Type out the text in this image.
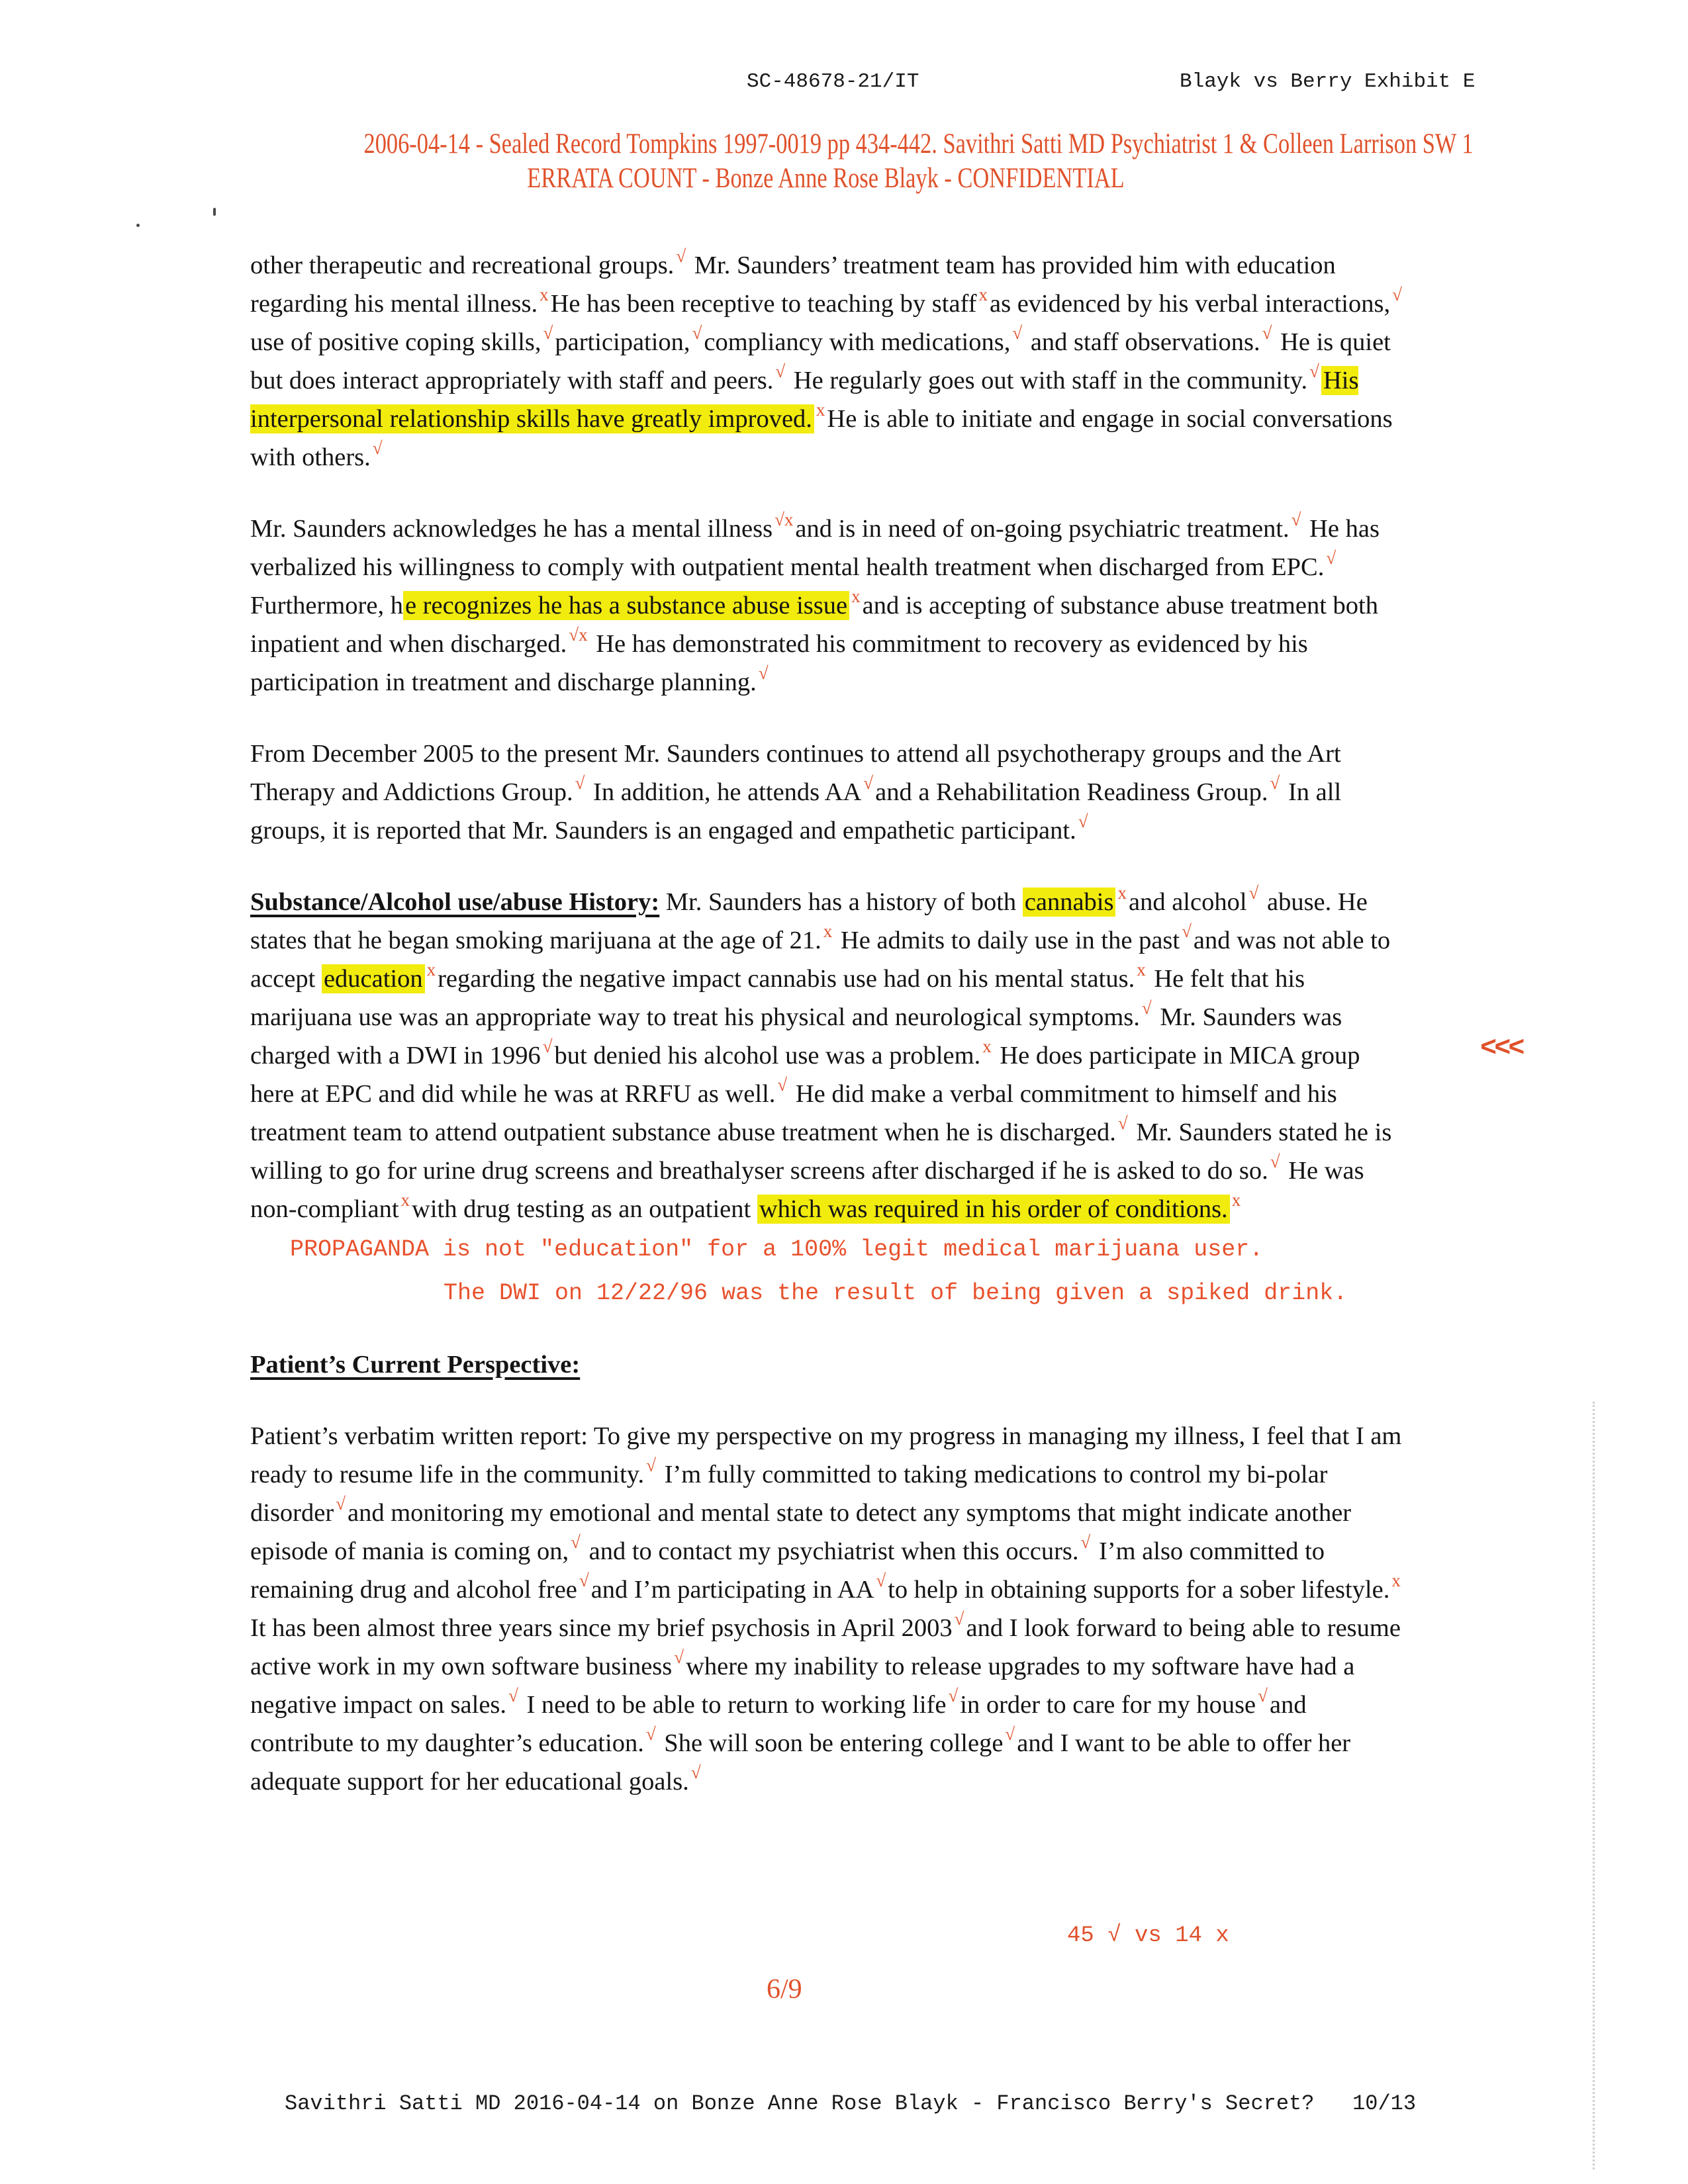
SC-48678-21/IT	Blayk vs Berry Exhibit E
2006-04-14 - Sealed Record Tompkins 1997-0019 pp 434-442. Savithri Satti MD Psychiatrist 1 & Colleen Larrison SW 1
ERRATA COUNT - Bonze Anne Rose Blayk - CONFIDENTIAL

other therapeutic and recreational groups. √ Mr. Saunders’ treatment team has provided him with education regarding his mental illness. xHe has been receptive to teaching by staff xas evidenced by his verbal interactions, √use of positive coping skills, √participation, √compliancy with medications, √ and staff observations. √ He is quiet but does interact appropriately with staff and peers. √ He regularly goes out with staff in the community. √ His interpersonal relationship skills have greatly improved. xHe is able to initiate and engage in social conversations with others. √

Mr. Saunders acknowledges he has a mental illness √xand is in need of on-going psychiatric treatment. √ He has verbalized his willingness to comply with outpatient mental health treatment when discharged from EPC. √Furthermore, he recognizes he has a substance abuse issue xand is accepting of substance abuse treatment both inpatient and when discharged. √x He has demonstrated his commitment to recovery as evidenced by his participation in treatment and discharge planning. √

From December 2005 to the present Mr. Saunders continues to attend all psychotherapy groups and the Art Therapy and Addictions Group. √ In addition, he attends AA √and a Rehabilitation Readiness Group. √ In all groups, it is reported that Mr. Saunders is an engaged and empathetic participant. √

Substance/Alcohol use/abuse History: Mr. Saunders has a history of both cannabis xand alcohol √ abuse. He states that he began smoking marijuana at the age of 21. x He admits to daily use in the past √and was not able to accept education xregarding the negative impact cannabis use had on his mental status. x He felt that his marijuana use was an appropriate way to treat his physical and neurological symptoms. √ Mr. Saunders was charged with a DWI in 1996 √but denied his alcohol use was a problem. x He does participate in MICA group here at EPC and did while he was at RRFU as well. √ He did make a verbal commitment to himself and his treatment team to attend outpatient substance abuse treatment when he is discharged. √ Mr. Saunders stated he is willing to go for urine drug screens and breathalyser screens after discharged if he is asked to do so. √ He was non-compliant xwith drug testing as an outpatient which was required in his order of conditions. xPROPAGANDA is not "education" for a 100% legit medical marijuana user.
The DWI on 12/22/96 was the result of being given a spiked drink.

Patient’s Current Perspective:

Patient’s verbatim written report: To give my perspective on my progress in managing my illness, I feel that I am ready to resume life in the community. √ I’m fully committed to taking medications to control my bi-polar disorder √and monitoring my emotional and mental state to detect any symptoms that might indicate another episode of mania is coming on, √ and to contact my psychiatrist when this occurs. √ I’m also committed to remaining drug and alcohol free √and I’m participating in AA √to help in obtaining supports for a sober lifestyle. x It has been almost three years since my brief psychosis in April 2003 √and I look forward to being able to resume active work in my own software business √where my inability to release upgrades to my software have had a negative impact on sales. √ I need to be able to return to working life √in order to care for my house √and contribute to my daughter’s education. √ She will soon be entering college √and I want to be able to offer her adequate support for her educational goals. √

<<<
45 √ vs 14 x
6/9
Savithri Satti MD 2016-04-14 on Bonze Anne Rose Blayk - Francisco Berry's Secret?   10/13
